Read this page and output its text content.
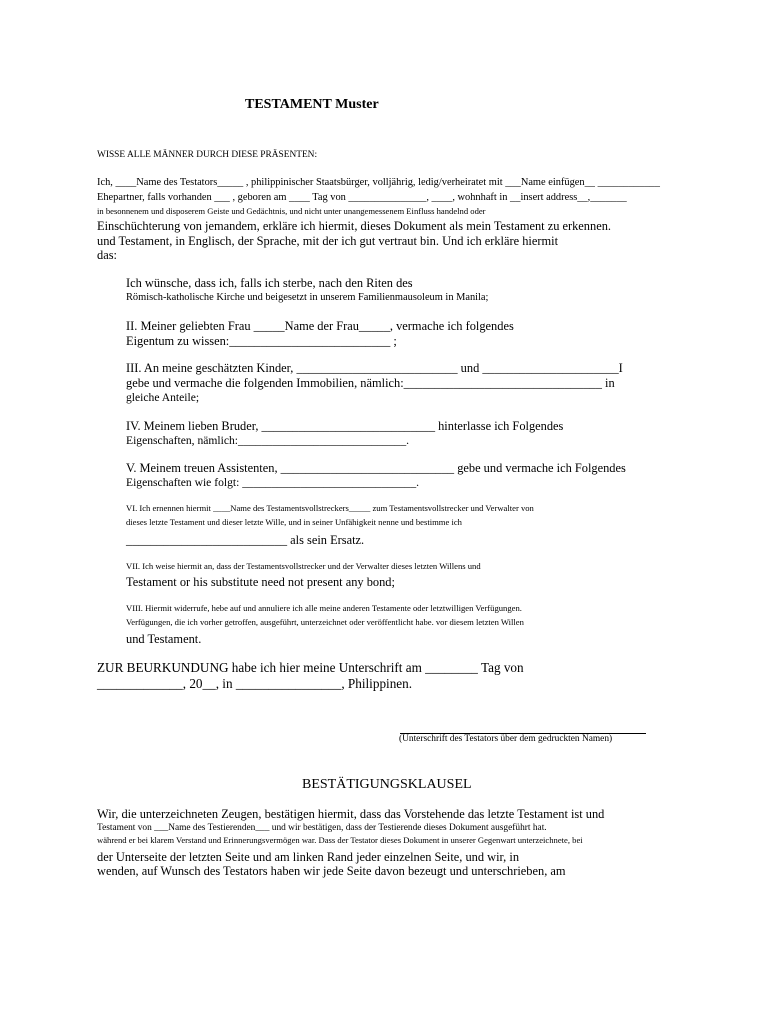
TESTAMENT Muster
WISSE ALLE MÄNNER DURCH DIESE PRÄSENTEN:
Ich, ____Name des Testators_____ , philippinischer Staatsbürger, volljährig, ledig/verheiratet mit ___Name einfügen__ ____________
Ehepartner, falls vorhanden ___ , geboren am ____ Tag von _______________, ____, wohnhaft in __insert address__,_______
in besonnenem und disposerem Geiste und Gedächtnis, und nicht unter unangemessenem Einfluss handelnd oder
Einschüchterung von jemandem, erkläre ich hiermit, dieses Dokument als mein Testament zu erkennen.
und Testament, in Englisch, der Sprache, mit der ich gut vertraut bin. Und ich erkläre hiermit
das:
Ich wünsche, dass ich, falls ich sterbe, nach den Riten des
Römisch-katholische Kirche und beigesetzt in unserem Familienmausoleum in Manila;
II. Meiner geliebten Frau _____Name der Frau_____, vermache ich folgendes
Eigentum zu wissen:__________________________ ;
III. An meine geschätzten Kinder, __________________________ und ______________________I
gebe und vermache die folgenden Immobilien, nämlich:________________________________ in
gleiche Anteile;
IV. Meinem lieben Bruder, ____________________________ hinterlasse ich Folgendes
Eigenschaften, nämlich:_____________________________.
V. Meinem treuen Assistenten, ____________________________ gebe und vermache ich Folgendes
Eigenschaften wie folgt: ______________________________.
VI. Ich ernennen hiermit ____Name des Testamentsvollstreckers_____ zum Testamentsvollstrecker und Verwalter von
dieses letzte Testament und dieser letzte Wille, und in seiner Unfähigkeit nenne und bestimme ich
__________________________ als sein Ersatz.
VII. Ich weise hiermit an, dass der Testamentsvollstrecker und der Verwalter dieses letzten Willens und
Testament or his substitute need not present any bond;
VIII. Hiermit widerrufe, hebe auf und annuliere ich alle meine anderen Testamente oder letztwilligen Verfügungen.
Verfügungen, die ich vorher getroffen, ausgeführt, unterzeichnet oder veröffentlicht habe. vor diesem letzten Willen
und Testament.
ZUR BEURKUNDUNG habe ich hier meine Unterschrift am ________ Tag von
_____________, 20__, in ________________, Philippinen.
(Unterschrift des Testators über dem gedruckten Namen)
BESTÄTIGUNGSKLAUSEL
Wir, die unterzeichneten Zeugen, bestätigen hiermit, dass das Vorstehende das letzte Testament ist und
Testament von ___Name des Testierenden___ und wir bestätigen, dass der Testierende dieses Dokument ausgeführt hat.
während er bei klarem Verstand und Erinnerungsvermögen war. Dass der Testator dieses Dokument in unserer Gegenwart unterzeichnete, bei
der Unterseite der letzten Seite und am linken Rand jeder einzelnen Seite, und wir, in
wenden, auf Wunsch des Testators haben wir jede Seite davon bezeugt und unterschrieben, am
